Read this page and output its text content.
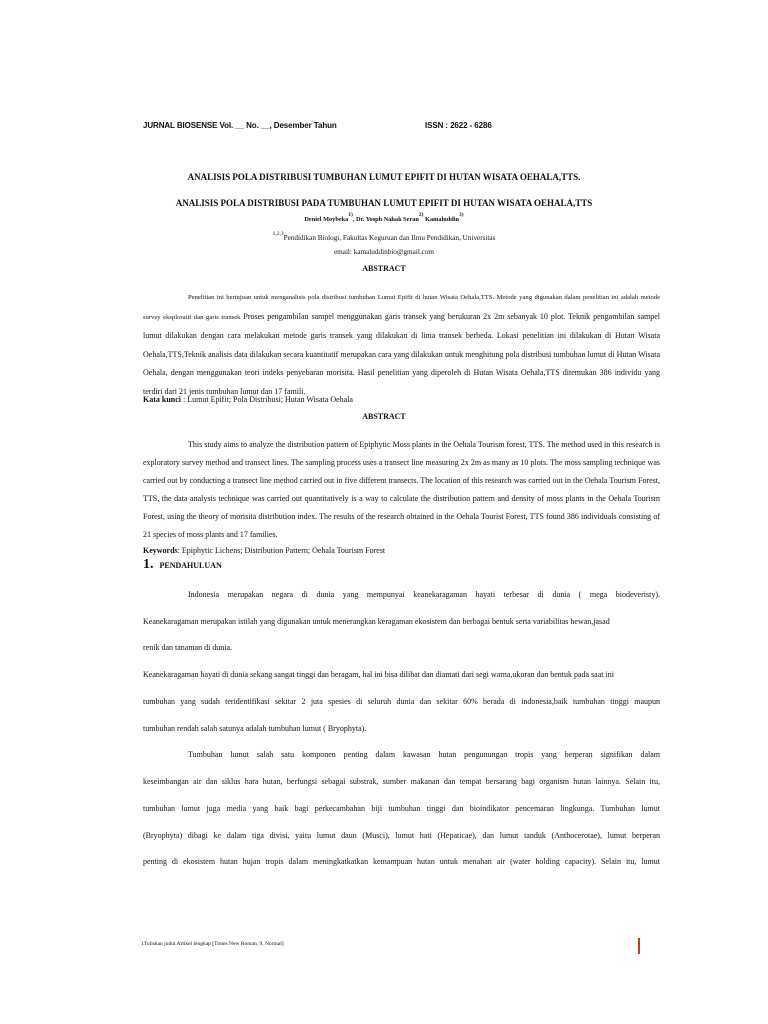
JURNAL BIOSENSE Vol. __ No. __, Desember Tahun	ISSN : 2622 - 6286
ANALISIS POLA DISTRIBUSI TUMBUHAN LUMUT EPIFIT DI HUTAN WISATA OEHALA,TTS.
ANALISIS POLA DISTRIBUSI PADA TUMBUHAN LUMUT EPIFIT DI HUTAN WISATA OEHALA,TTS
Deniel Moybeka1), Dr. Yosph Nahak Seran2) Kamaluddin3)
$^{1,2,3}$Pendidikan Biologi, Fakultas Keguruan dan Ilmu Pendidikan, Universitas
email: kamaluddinbio@gmail.com
ABSTRACT

Penelitian ini bertujuan untuk menganalisis pola distribusi tumbuhan Lumut Epifit di hutan Wisata Oehala,TTS. Metode yang digunakan dalam penelitian ini adalah metode survey eksploratif dan garis transek Proses pengambilan sampel menggunakan garis transek yang berukuran 2x 2m sebanyak 10 plot. Teknik pengambilan sampel lumut dilakukan dengan cara melakukan metode garis transek yang dilakukan di lima transek berbeda. Lokasi penelitian ini dilakukan di Hutan Wisata Oehala,TTS,Teknik analisis data dilakukan secara kuantitatif merupakan cara yang dilakukan untuk menghitung pola distribusi tumbuhan lumut di Hutan Wisata Oehala, dengan menggunakan teori indeks penyebaran morisita. Hasil penelitian yang diperoleh di Hutan Wisata Oehala,TTS ditemukan 386 individu yang terdiri dari 21 jenis tumbuhan lumut dan 17 famili.

Kata kunci : Lumut Epifit; Pola Distribusi; Hutan Wisata Oehala
ABSTRACT

This study aims to analyze the distribution pattern of Epiphytic Moss plants in the Oehala Tourism forest, TTS. The method used in this research is exploratory survey method and transect lines. The sampling process uses a transect line measuring 2x 2m as many as 10 plots. The moss sampling technique was carried out by conducting a transect line method carried out in five different transects. The location of this research was carried out in the Oehala Tourism Forest, TTS, the data analysis technique was carried out quantitatively is a way to calculate the distribution pattern and density of moss plants in the Oehala Tourism Forest, using the theory of morisita distribution index. The results of the research obtained in the Oehala Tourist Forest, TTS found 386 individuals consisting of 21 species of moss plants and 17 families.

Keywords: Epiphytic Lichens; Distribution Pattern; Oehala Tourism Forest
1. PENDAHULUAN
Indonesia merupakan negara di dunia yang mempunyai keanekaragaman hayati terbesar di dunia ( mega biodeveristy).
Keanekaragaman merupakan istilah yang digunakan untuk menerangkan keragaman ekosistem dan berbagai bentuk serta variabilitas hewan,jasad
renik dan tanaman di dunia.
Keanekaragaman hayati di dunia sekang sangat tinggi dan beragam, hal ini bisa dilihat dan diamati dari segi warna,ukuran dan bentuk pada saat ini
tumbuhan yang sudah teridentifikasi sekitar 2 juta spesies di seluruh dunia dan sekitar 60% berada di indonesia,baik tumbuhan tinggi maupun
tumbuhan rendah salah satunya adalah tumbuhan lumut ( Bryophyta).
Tumbuhan lumut salah satu komponen penting dalam kawasan hutan pengunungan tropis yang berperan signifikan dalam
keseimbangan air dan siklus hara hutan, berfungsi sebagai substrak, sumber makanan dan tempat bersarang bagi organism hutan lainnya. Selain itu,
tumbuhan lumut juga media yang baik bagi perkecambahan biji tumbuhan tinggi dan bioindikator pencemaran lingkunga. Tumbuhan lumut
(Bryophyta) dibagi ke dalam tiga divisi, yaitu lumut daun (Musci), lumut hati (Hepaticae), dan lumut tanduk (Anthocerotae), lumut berperan
penting di ekosistem hutan hujan tropis dalam meningkatkatkan kemampuan hutan untuk menahan air (water holding capacity). Selain itu, lumut
1Tuliskan judul Artikel lengkap [Times New Roman, 9, Normal]
